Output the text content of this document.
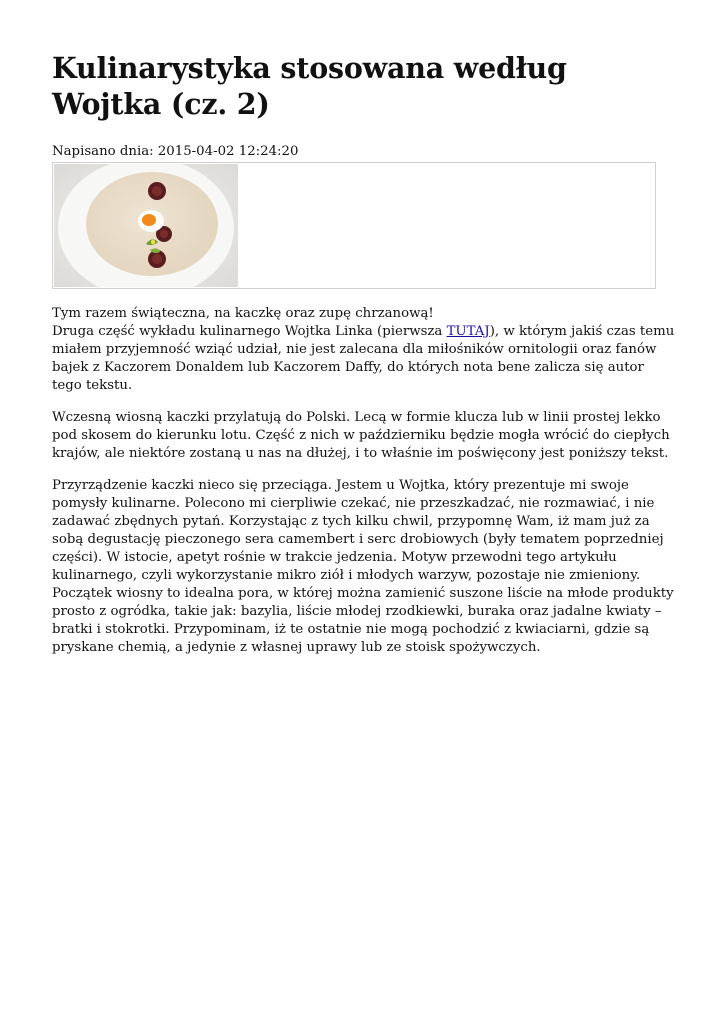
Kulinarystyka stosowana według Wojtka (cz. 2)
Napisano dnia: 2015-04-02 12:24:20

Tym razem świąteczna, na kaczkę oraz zupę chrzanową!
Druga część wykładu kulinarnego Wojtka Linka (pierwsza TUTAJ), w którym jakiś czas temu miałem przyjemność wziąć udział, nie jest zalecana dla miłośników ornitologii oraz fanów bajek z Kaczorem Donaldem lub Kaczorem Daffy, do których nota bene zalicza się autor tego tekstu.

Wczesną wiosną kaczki przylatują do Polski. Lecą w formie klucza lub w linii prostej lekko pod skosem do kierunku lotu. Część z nich w październiku będzie mogła wrócić do ciepłych krajów, ale niektóre zostaną u nas na dłużej, i to właśnie im poświęcony jest poniższy tekst.

Przyrządzenie kaczki nieco się przeciąga. Jestem u Wojtka, który prezentuje mi swoje pomysły kulinarne. Polecono mi cierpliwie czekać, nie przeszkadzać, nie rozmawiać, i nie zadawać zbędnych pytań. Korzystając z tych kilku chwil, przypomnę Wam, iż mam już za sobą degustację pieczonego sera camembert i serc drobiowych (były tematem poprzedniej części). W istocie, apetyt rośnie w trakcie jedzenia. Motyw przewodni tego artykułu kulinarnego, czyli wykorzystanie mikro ziół i młodych warzyw, pozostaje nie zmieniony. Początek wiosny to idealna pora, w której można zamienić suszone liście na młode produkty prosto z ogródka, takie jak: bazylia, liście młodej rzodkiewki, buraka oraz jadalne kwiaty – bratki i stokrotki. Przypominam, iż te ostatnie nie mogą pochodzić z kwiaciarni, gdzie są pryskane chemią, a jedynie z własnej uprawy lub ze stoisk spożywczych.
